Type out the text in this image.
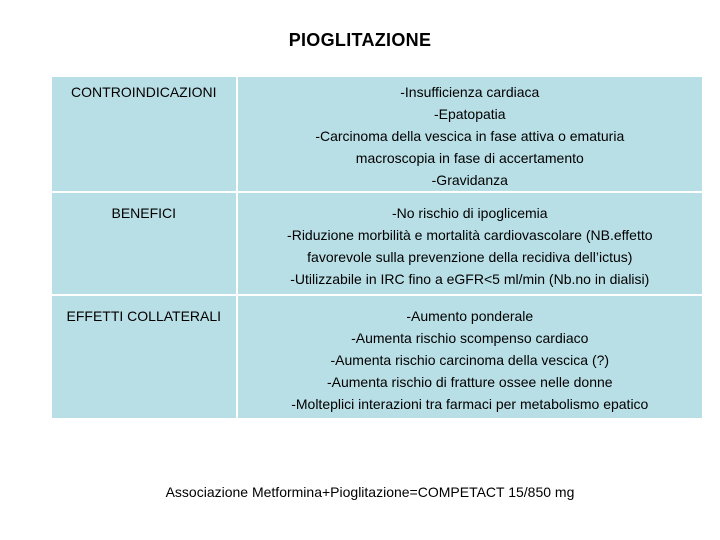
PIOGLITAZIONE
CONTROINDICAZIONI	-Insufficienza cardiaca
-Epatopatia
-Carcinoma della vescica in fase attiva o ematuria
macroscopia in fase di accertamento
-Gravidanza

BENEFICI	-No rischio di ipoglicemia
-Riduzione morbilità e mortalità cardiovascolare (NB.effetto
favorevole sulla prevenzione della recidiva dell’ictus)
-Utilizzabile in IRC fino a eGFR<5 ml/min (Nb.no in dialisi)

EFFETTI COLLATERALI	-Aumento ponderale
-Aumenta rischio scompenso cardiaco
-Aumenta rischio carcinoma della vescica (?)
-Aumenta rischio di fratture ossee nelle donne
-Molteplici interazioni tra farmaci per metabolismo epatico
Associazione Metformina+Pioglitazione=COMPETACT 15/850 mg
